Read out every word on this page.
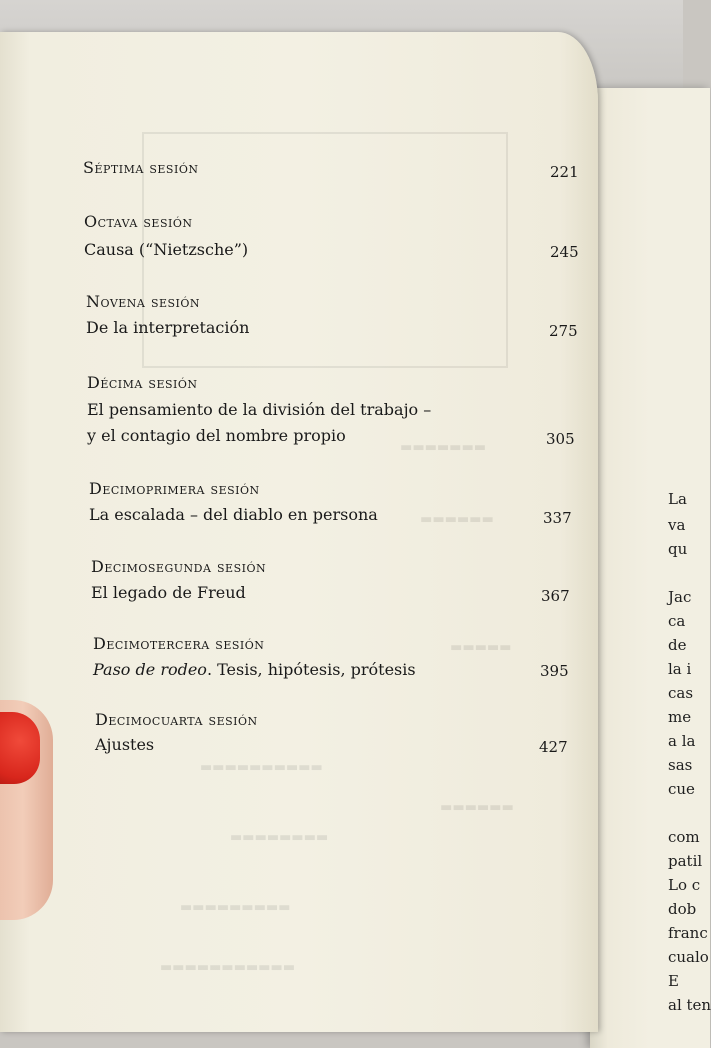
La
va
qu
Jac
ca
de
la i
cas
me
a la
sas
cue
com
patil
Lo c
dob
franc
cualo
E
al ten
▬▬▬▬▬▬▬
▬▬▬▬▬▬
▬▬▬▬▬
▬▬▬▬▬▬
▬▬▬▬▬▬▬▬▬▬
▬▬▬▬▬▬▬▬
▬▬▬▬▬▬▬▬▬
▬▬▬▬▬▬▬▬▬▬▬
Séptima sesión	221
Octava sesión
Causa (“Nietzsche”)	245
Novena sesión
De la interpretación	275
Décima sesión
El pensamiento de la división del trabajo –
y el contagio del nombre propio	305
Decimoprimera sesión
La escalada – del diablo en persona	337
Decimosegunda sesión
El legado de Freud	367
Decimotercera sesión
Paso de rodeo. Tesis, hipótesis, prótesis	395
Decimocuarta sesión
Ajustes	427
